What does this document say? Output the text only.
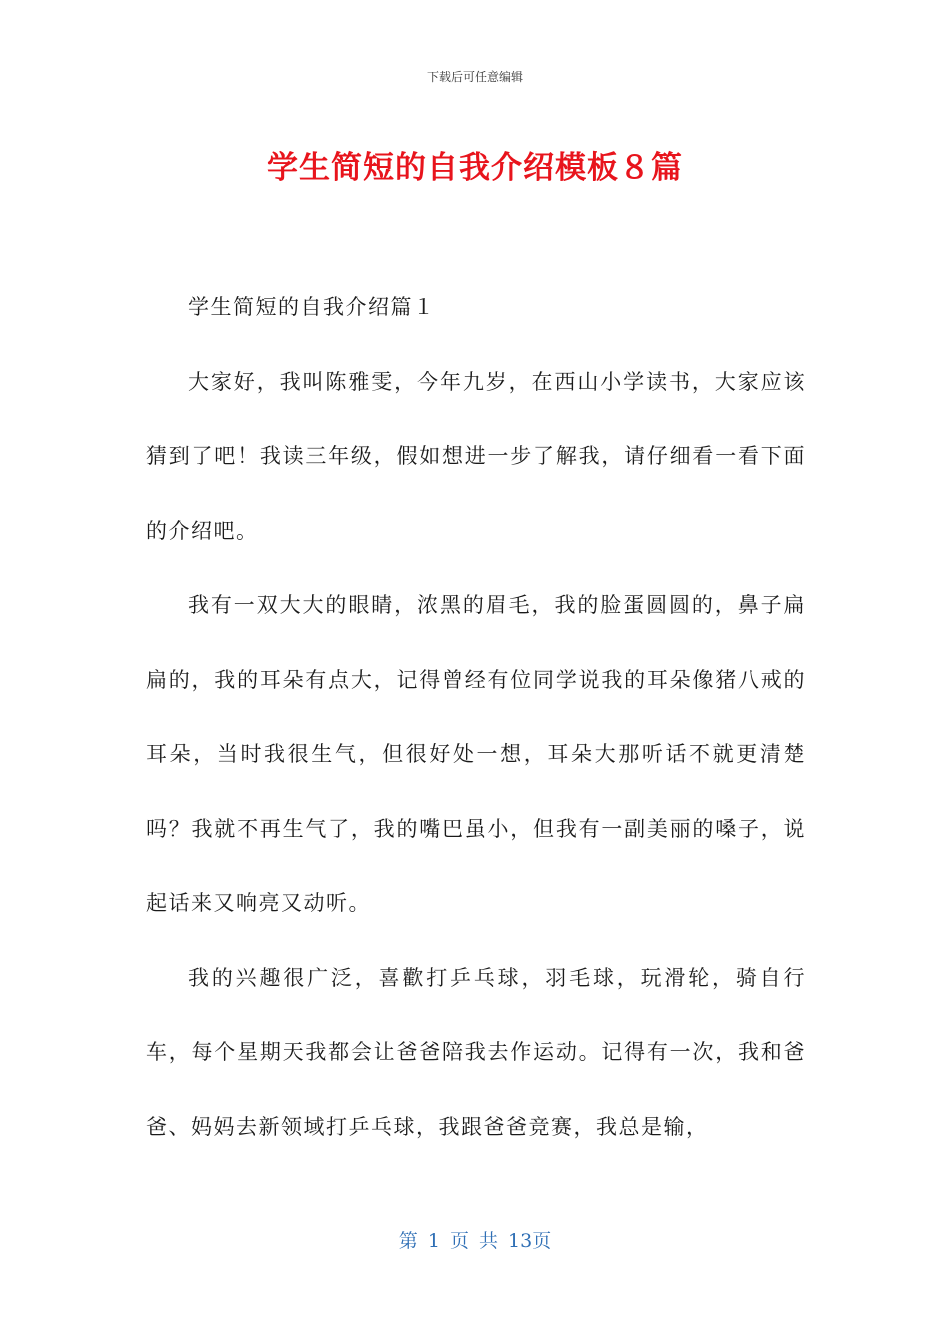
下载后可任意编辑
学生简短的自我介绍模板８篇

学生简短的自我介绍篇１

大家好，我叫陈雅雯，今年九岁，在西山小学读书，大家应该猜到了吧！我读三年级，假如想进一步了解我，请仔细看一看下面的介绍吧。

我有一双大大的眼睛，浓黑的眉毛，我的脸蛋圆圆的，鼻子扁扁的，我的耳朵有点大，记得曾经有位同学说我的耳朵像猪八戒的耳朵，当时我很生气，但很好处一想，耳朵大那听话不就更清楚吗？我就不再生气了，我的嘴巴虽小，但我有一副美丽的嗓子，说起话来又响亮又动听。

我的兴趣很广泛，喜歡打乒乓球，羽毛球，玩滑轮，骑自行车，每个星期天我都会让爸爸陪我去作运动。记得有一次，我和爸爸、妈妈去新领域打乒乓球，我跟爸爸竞赛，我总是输，

第 1 页 共 13页
